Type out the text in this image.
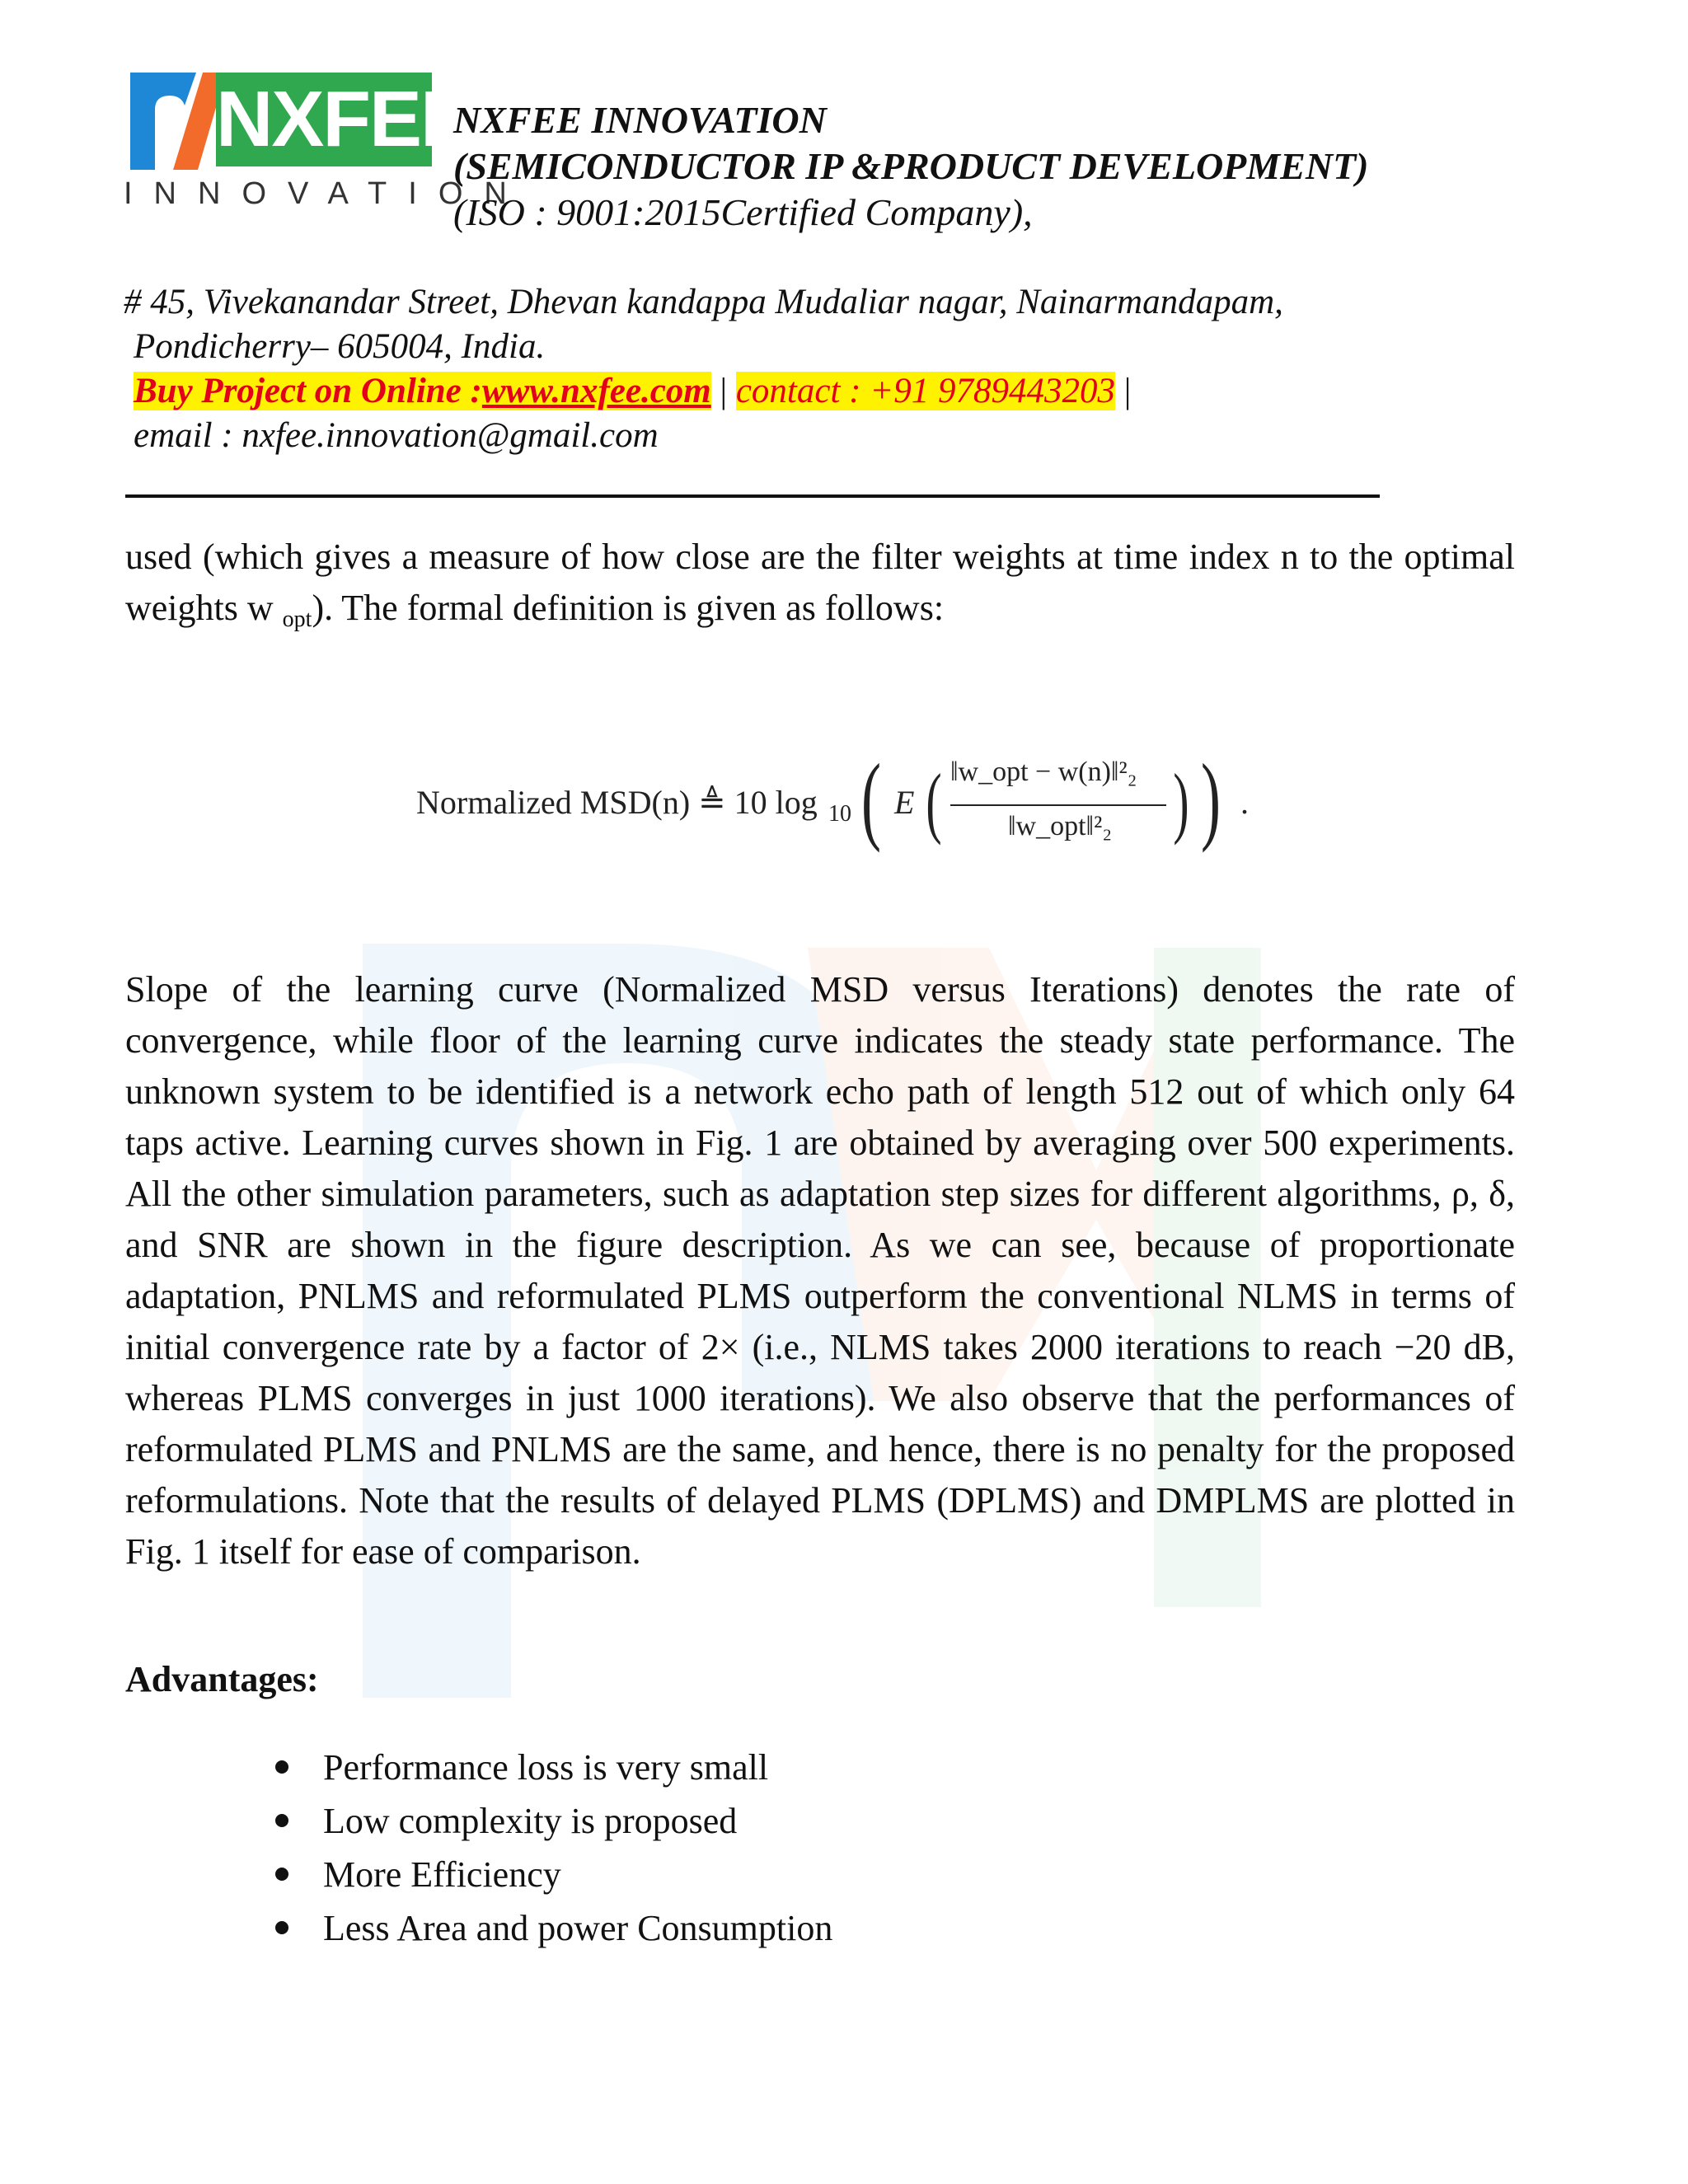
NXFEE
INNOVATION
NXFEE INNOVATION
(SEMICONDUCTOR IP &PRODUCT DEVELOPMENT)
(ISO : 9001:2015Certified Company),
# 45, Vivekanandar Street, Dhevan kandappa Mudaliar nagar, Nainarmandapam,
Pondicherry– 605004, India.
Buy Project on Online :www.nxfee.com | contact : +91 9789443203 |
email : nxfee.innovation@gmail.com
used (which gives a measure of how close are the filter weights at time index n to the optimal weights w $_{opt}$). The formal definition is given as follows:
Normalized MSD(n) ≜ 10 log 10 ( E ( ‖w_opt − w(n)‖²₂
‖w_opt‖²₂ ) ) .
Slope of the learning curve (Normalized MSD versus Iterations) denotes the rate of convergence, while floor of the learning curve indicates the steady state performance. The unknown system to be identified is a network echo path of length 512 out of which only 64 taps active. Learning curves shown in Fig. 1 are obtained by averaging over 500 experiments. All the other simulation parameters, such as adaptation step sizes for different algorithms, ρ, δ, and SNR are shown in the figure description. As we can see, because of proportionate adaptation, PNLMS and reformulated PLMS outperform the conventional NLMS in terms of initial convergence rate by a factor of 2× (i.e., NLMS takes 2000 iterations to reach −20 dB, whereas PLMS converges in just 1000 iterations). We also observe that the performances of reformulated PLMS and PNLMS are the same, and hence, there is no penalty for the proposed reformulations. Note that the results of delayed PLMS (DPLMS) and DMPLMS are plotted in Fig. 1 itself for ease of comparison.
Advantages:
Performance loss is very small
Low complexity is proposed
More Efficiency
Less Area and power Consumption
